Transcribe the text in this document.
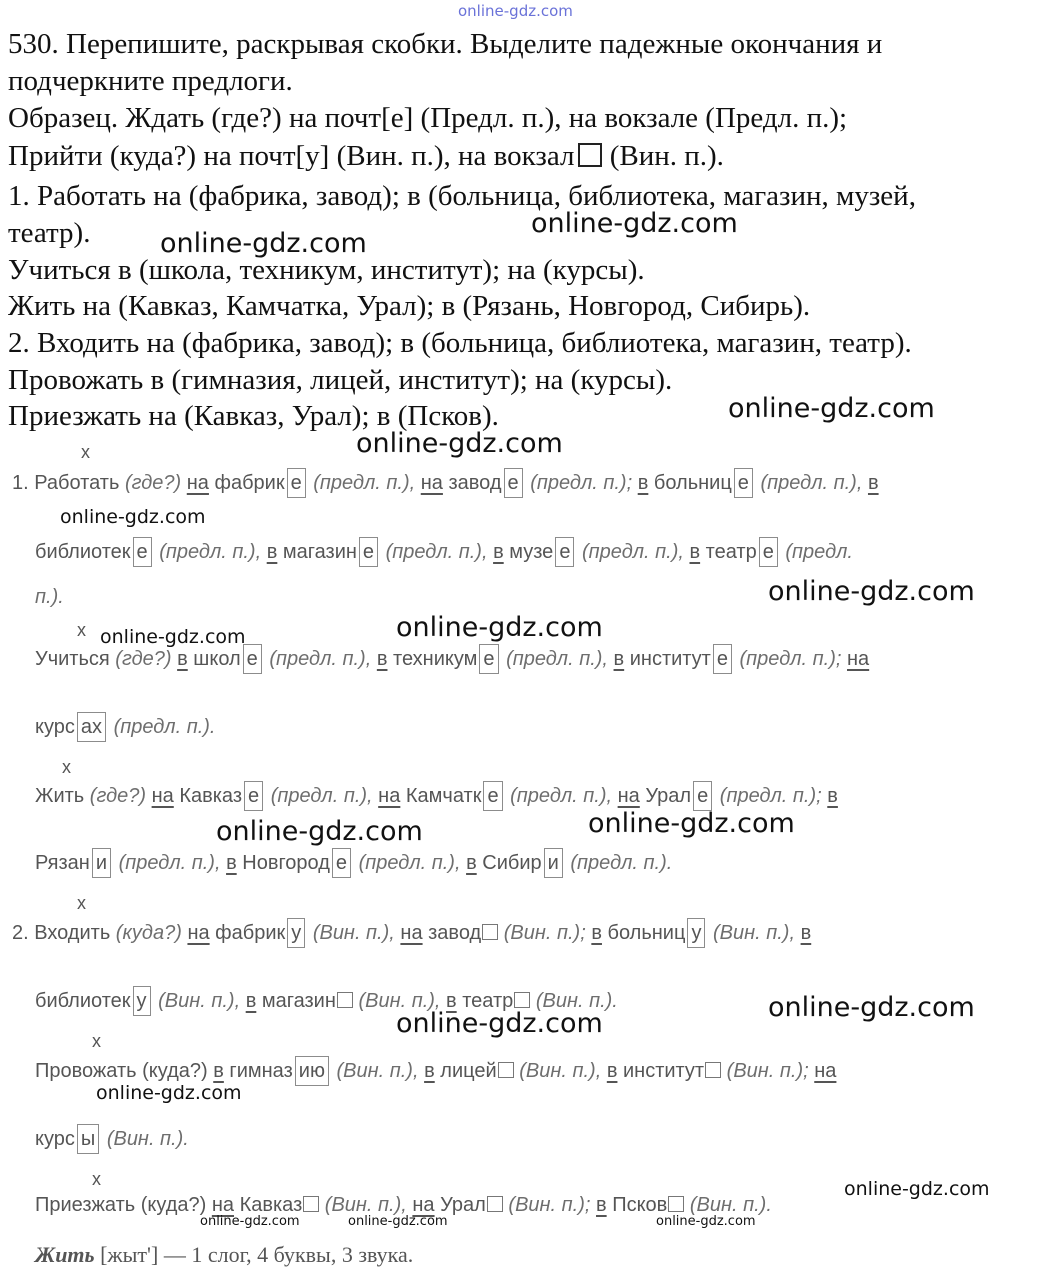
online-gdz.com
530. Перепишите, раскрывая скобки. Выделите падежные окончания и
подчеркните предлоги.
Образец. Ждать (где?) на почт[е] (Предл. п.), на вокзале (Предл. п.);
Прийти (куда?) на почт[у] (Вин. п.), на вокзал (Вин. п.).
1. Работать на (фабрика, завод); в (больница, библиотека, магазин, музей,
театр).
Учиться в (школа, техникум, институт); на (курсы).
Жить на (Кавказ, Камчатка, Урал); в (Рязань, Новгород, Сибирь).
2. Входить на (фабрика, завод); в (больница, библиотека, магазин, театр).
Провожать в (гимназия, лицей, институт); на (курсы).
Приезжать на (Кавказ, Урал); в (Псков).
x
1. Работать (где?) на фабрик е (предл. п.), на завод е (предл. п.); в больниц е (предл. п.), в
библиотек е (предл. п.), в магазин е (предл. п.), в музе е (предл. п.), в театр е (предл.
п.).
x
Учиться (где?) в школ е (предл. п.), в техникум е (предл. п.), в институт е (предл. п.); на
курс ах (предл. п.).
x
Жить (где?) на Кавказ е (предл. п.), на Камчатк е (предл. п.), на Урал е (предл. п.); в
Рязан и (предл. п.), в Новгород е (предл. п.), в Сибир и (предл. п.).
x
2. Входить (куда?) на фабрик у (Вин. п.), на завод (Вин. п.); в больниц у (Вин. п.), в
библиотек у (Вин. п.), в магазин (Вин. п.), в театр (Вин. п.).
x
Провожать (куда?) в гимназ ию (Вин. п.), в лицей (Вин. п.), в институт (Вин. п.); на
курс ы (Вин. п.).
x
Приезжать (куда?) на Кавказ (Вин. п.), на Урал (Вин. п.); в Псков (Вин. п.).
Жить [жыт'] — 1 слог, 4 буквы, 3 звука.
online-gdz.com
online-gdz.com
online-gdz.com
online-gdz.com
online-gdz.com
online-gdz.com
online-gdz.com
online-gdz.com
online-gdz.com
online-gdz.com
online-gdz.com
online-gdz.com
online-gdz.com
online-gdz.com
online-gdz.com	online-gdz.com	online-gdz.com
